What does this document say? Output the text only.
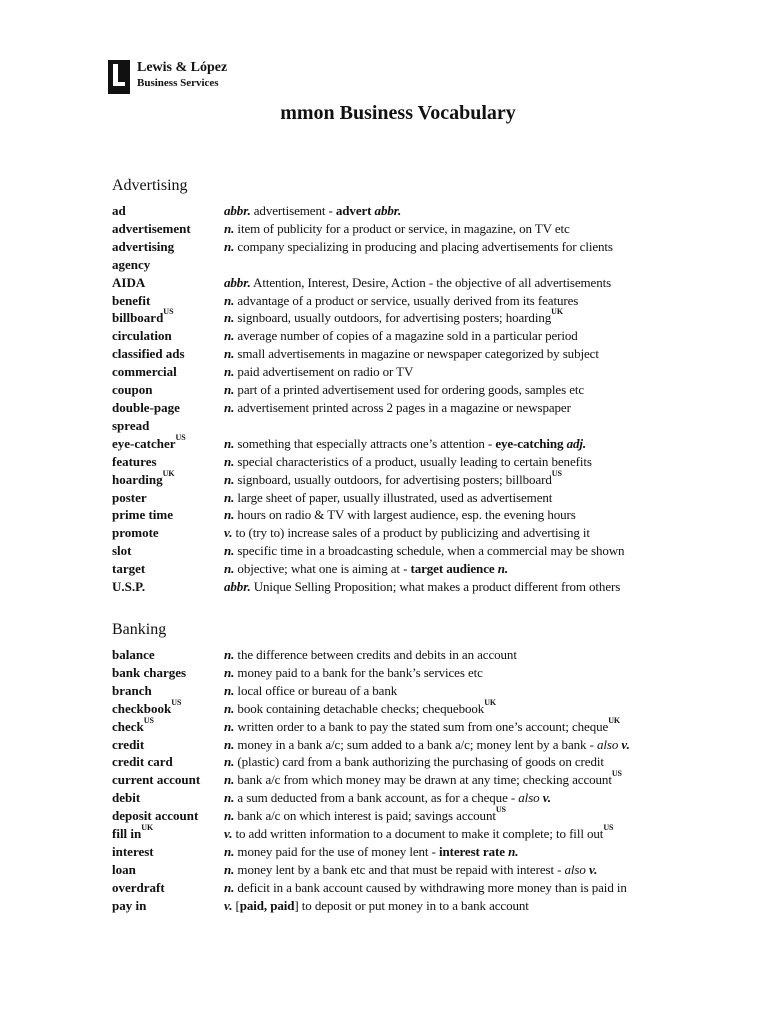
Lewis & López
Business Services
mmon Business Vocabulary
Advertising
ad	abbr. advertisement - advert abbr.
advertisement	n. item of publicity for a product or service, in magazine, on TV etc
advertising	n. company specializing in producing and placing advertisements for clients
agency
AIDA	abbr. Attention, Interest, Desire, Action - the objective of all advertisements
benefit	n. advantage of a product or service, usually derived from its features
billboard$^{US}$	n. signboard, usually outdoors, for advertising posters; hoarding$^{UK}$
circulation	n. average number of copies of a magazine sold in a particular period
classified ads	n. small advertisements in magazine or newspaper categorized by subject
commercial	n. paid advertisement on radio or TV
coupon	n. part of a printed advertisement used for ordering goods, samples etc
double-page	n. advertisement printed across 2 pages in a magazine or newspaper
spread
eye-catcher$^{US}$	n. something that especially attracts one’s attention - eye-catching adj.
features	n. special characteristics of a product, usually leading to certain benefits
hoarding$^{UK}$	n. signboard, usually outdoors, for advertising posters; billboard$^{US}$
poster	n. large sheet of paper, usually illustrated, used as advertisement
prime time	n. hours on radio & TV with largest audience, esp. the evening hours
promote	v. to (try to) increase sales of a product by publicizing and advertising it
slot	n. specific time in a broadcasting schedule, when a commercial may be shown
target	n. objective; what one is aiming at - target audience n.
U.S.P.	abbr. Unique Selling Proposition; what makes a product different from others
Banking
balance	n. the difference between credits and debits in an account
bank charges	n. money paid to a bank for the bank’s services etc
branch	n. local office or bureau of a bank
checkbook$^{US}$	n. book containing detachable checks; chequebook$^{UK}$
check$^{US}$	n. written order to a bank to pay the stated sum from one’s account; cheque$^{UK}$
credit	n. money in a bank a/c; sum added to a bank a/c; money lent by a bank - also v.
credit card	n. (plastic) card from a bank authorizing the purchasing of goods on credit
current account	n. bank a/c from which money may be drawn at any time; checking account$^{US}$
debit	n. a sum deducted from a bank account, as for a cheque - also v.
deposit account	n. bank a/c on which interest is paid; savings account$^{US}$
fill $in^{UK}$	v. to add written information to a document to make it complete; to fill out$^{US}$
interest	n. money paid for the use of money lent - interest rate n.
loan	n. money lent by a bank etc and that must be repaid with interest - also v.
overdraft	n. deficit in a bank account caused by withdrawing more money than is paid in
pay in	v. [paid, paid] to deposit or put money in to a bank account
